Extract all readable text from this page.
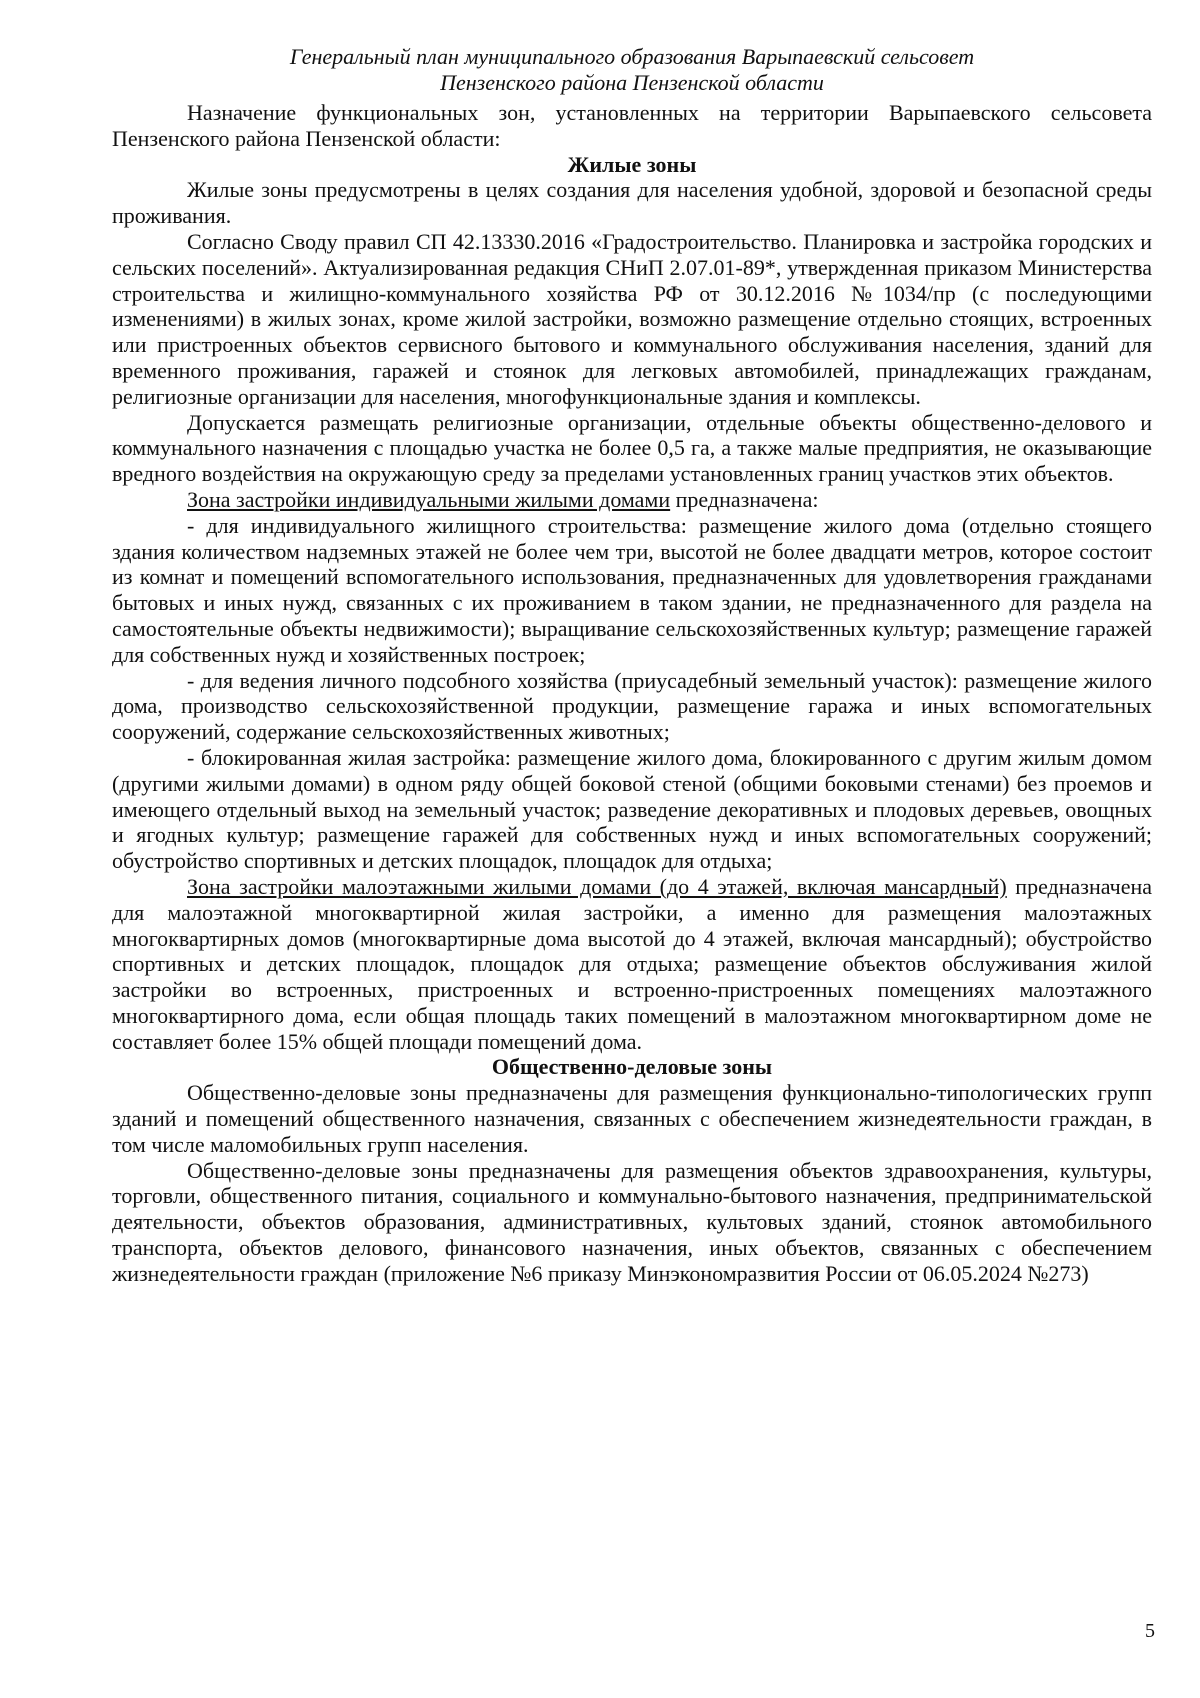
Генеральный план муниципального образования Варыпаевский сельсовет
Пензенского района Пензенской области

Назначение функциональных зон, установленных на территории Варыпаевского сельсовета Пензенского района Пензенской области:

Жилые зоны

Жилые зоны предусмотрены в целях создания для населения удобной, здоровой и безопасной среды проживания.

Согласно Своду правил СП 42.13330.2016 «Градостроительство. Планировка и застройка городских и сельских поселений». Актуализированная редакция СНиП 2.07.01-89*, утвержденная приказом Министерства строительства и жилищно-коммунального хозяйства РФ от 30.12.2016 №1034/пр (с последующими изменениями) в жилых зонах, кроме жилой застройки, возможно размещение отдельно стоящих, встроенных или пристроенных объектов сервисного бытового и коммунального обслуживания населения, зданий для временного проживания, гаражей и стоянок для легковых автомобилей, принадлежащих гражданам, религиозные организации для населения, многофункциональные здания и комплексы.

Допускается размещать религиозные организации, отдельные объекты общественно-делового и коммунального назначения с площадью участка не более 0,5 га, а также малые предприятия, не оказывающие вредного воздействия на окружающую среду за пределами установленных границ участков этих объектов.

Зона застройки индивидуальными жилыми домами предназначена:

- для индивидуального жилищного строительства: размещение жилого дома (отдельно стоящего здания количеством надземных этажей не более чем три, высотой не более двадцати метров, которое состоит из комнат и помещений вспомогательного использования, предназначенных для удовлетворения гражданами бытовых и иных нужд, связанных с их проживанием в таком здании, не предназначенного для раздела на самостоятельные объекты недвижимости); выращивание сельскохозяйственных культур; размещение гаражей для собственных нужд и хозяйственных построек;

- для ведения личного подсобного хозяйства (приусадебный земельный участок): размещение жилого дома, производство сельскохозяйственной продукции, размещение гаража и иных вспомогательных сооружений, содержание сельскохозяйственных животных;

- блокированная жилая застройка: размещение жилого дома, блокированного с другим жилым домом (другими жилыми домами) в одном ряду общей боковой стеной (общими боковыми стенами) без проемов и имеющего отдельный выход на земельный участок; разведение декоративных и плодовых деревьев, овощных и ягодных культур; размещение гаражей для собственных нужд и иных вспомогательных сооружений; обустройство спортивных и детских площадок, площадок для отдыха;

Зона застройки малоэтажными жилыми домами (до 4 этажей, включая мансардный) предназначена для малоэтажной многоквартирной жилая застройки, а именно для размещения малоэтажных многоквартирных домов (многоквартирные дома высотой до 4 этажей, включая мансардный); обустройство спортивных и детских площадок, площадок для отдыха; размещение объектов обслуживания жилой застройки во встроенных, пристроенных и встроенно-пристроенных помещениях малоэтажного многоквартирного дома, если общая площадь таких помещений в малоэтажном многоквартирном доме не составляет более 15% общей площади помещений дома.

Общественно-деловые зоны

Общественно-деловые зоны предназначены для размещения функционально-типологических групп зданий и помещений общественного назначения, связанных с обеспечением жизнедеятельности граждан, в том числе маломобильных групп населения.

Общественно-деловые зоны предназначены для размещения объектов здравоохранения, культуры, торговли, общественного питания, социального и коммунально-бытового назначения, предпринимательской деятельности, объектов образования, административных, культовых зданий, стоянок автомобильного транспорта, объектов делового, финансового назначения, иных объектов, связанных с обеспечением жизнедеятельности граждан (приложение №6 приказу Минэкономразвития России от 06.05.2024 №273)

5
